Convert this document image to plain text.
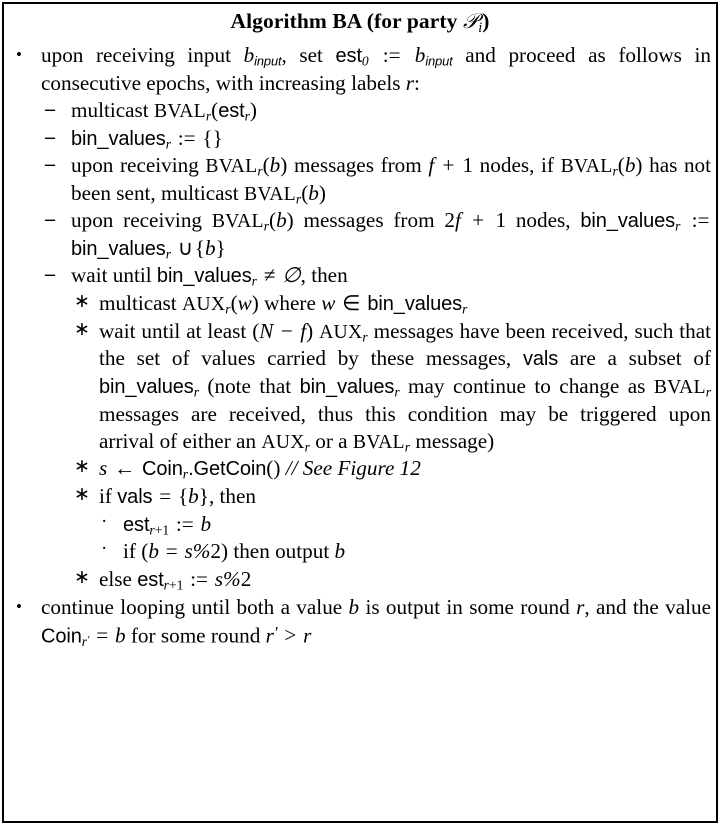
Algorithm BA (for party 𝒫$_i$)
• upon receiving input $b_{input}$, set est$_0$ := $b_{input}$ and proceed as follows in consecutive epochs, with increasing labels r:
– multicast $BVAL_r(est_r)$
– bin_values$_r$ := {}
– upon receiving $BVAL_r(b)$ messages from f + 1 nodes, if $BVAL_r(b)$ has not been sent, multicast $BVAL_r(b)$
– upon receiving $BVAL_r(b)$ messages from 2f + 1 nodes, bin_values$_r$ := bin_values$_r$ ∪{b}
– wait until bin_values$_r$ ≠ ∅, then
∗ multicast $AUX_r(w)$ where w ∈ bin_values$_r$
∗ wait until at least (N − f) $AUX_r$ messages have been received, such that the set of values carried by these messages, vals are a subset of bin_values$_r$ (note that bin_values$_r$ may continue to change as $BVAL_r$ messages are received, thus this condition may be triggered upon arrival of either an $AUX_r$ or a $BVAL_r$ message)
∗ s ← Coin$_r$.GetCoin() // See Figure 12
∗ if vals = {b}, then
· est$_{r+1}$ := b
· if (b = s%2) then output b
∗ else est$_{r+1}$ := s%2
• continue looping until both a value b is output in some round r, and the value Coin$_{r'}$ = b for some round r′ > r
